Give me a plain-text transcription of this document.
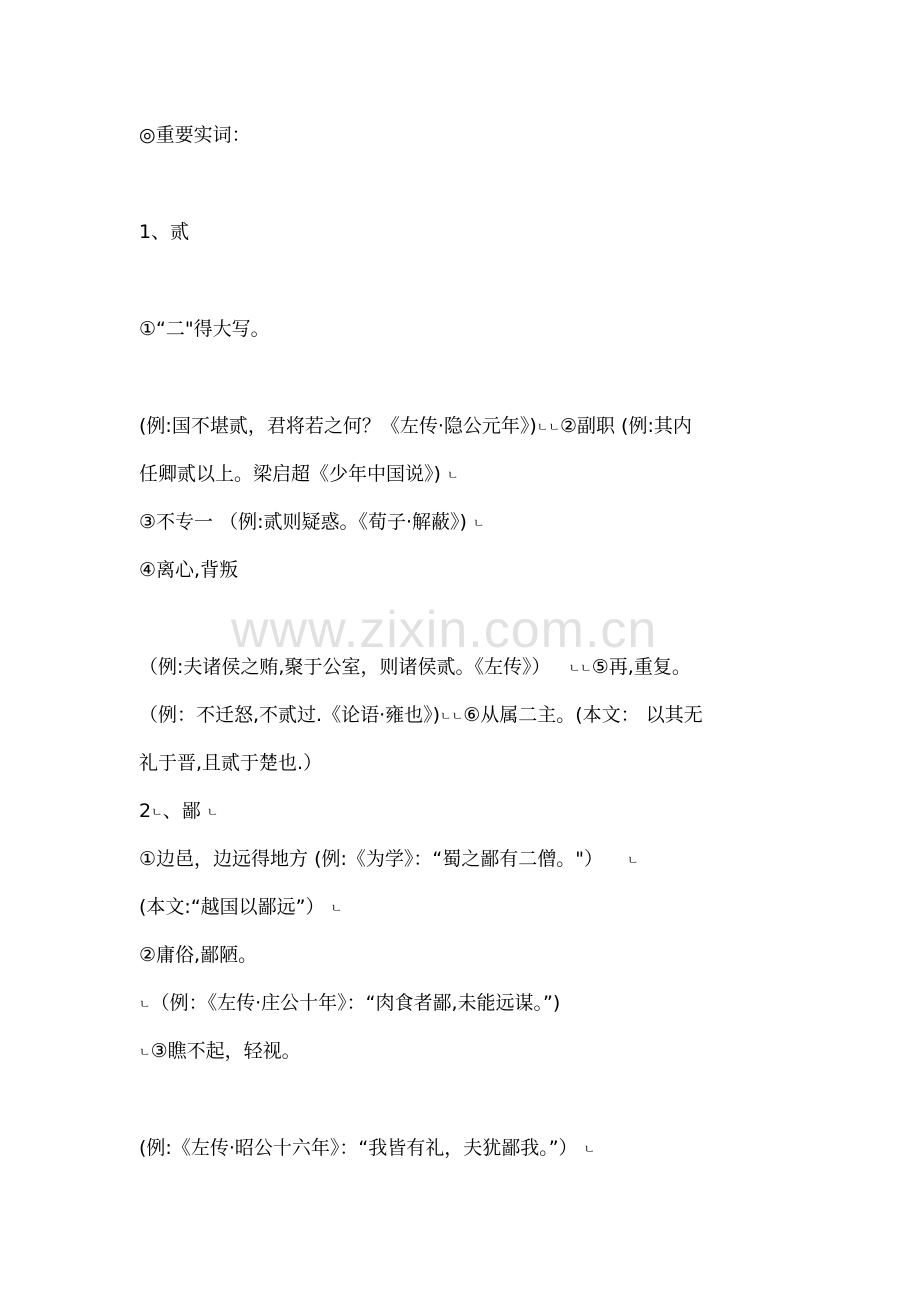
◎重要实词：
1、贰
①“二"得大写。
(例:国不堪贰，君将若之何？《左传·隐公元年》)ﾤﾤ②副职 (例:其内
任卿贰以上。梁启超《少年中国说》) ﾤ
③不专一 （例:贰则疑惑。《荀子·解蔽》) ﾤ
④离心,背叛
（例:夫诸侯之贿,聚于公室，则诸侯贰。《左传》） ﾤﾤ⑤再,重复。
（例：不迁怒,不贰过.《论语·雍也》)ﾤﾤ⑥从属二主。(本文： 以其无
礼于晋,且贰于楚也.）
2ﾤ、鄙 ﾤ
①边邑，边远得地方 (例:《为学》：“蜀之鄙有二僧。"） ﾤ
(本文:“越国以鄙远”） ﾤ
②庸俗,鄙陋。
ﾤ（例：《左传·庄公十年》：“肉食者鄙,未能远谋。”)
ﾤ③瞧不起，轻视。
(例:《左传·昭公十六年》：“我皆有礼，夫犹鄙我。”） ﾤ
www.zixin.com.cn
